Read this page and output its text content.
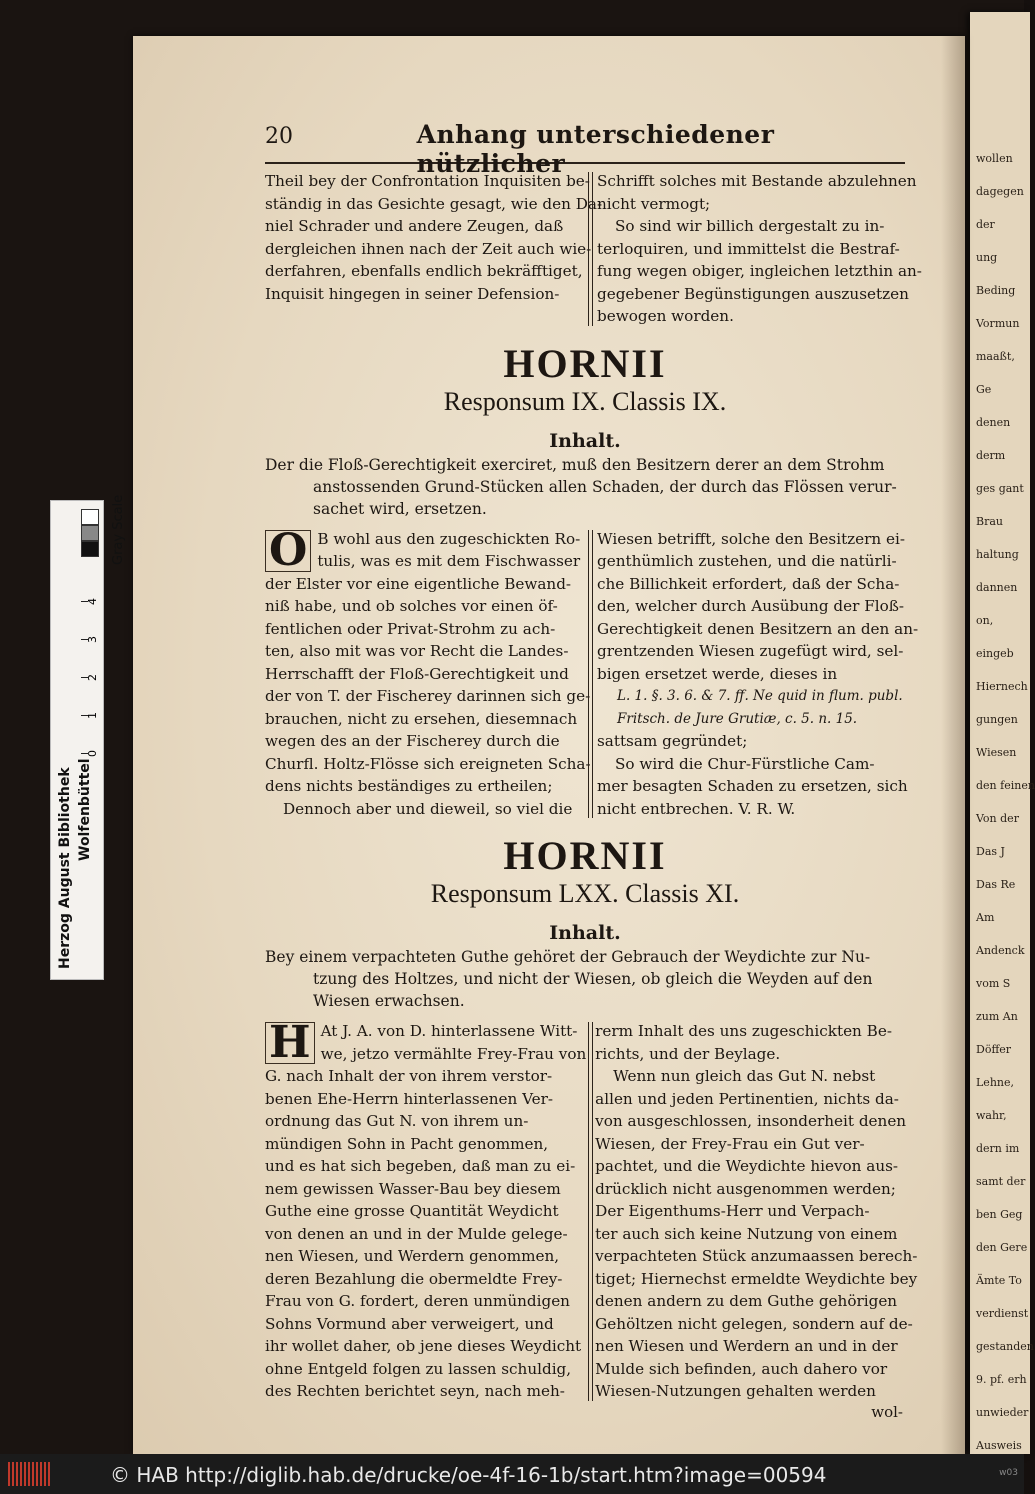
wollen
dagegen
der
ung
Beding
Vormun
maaßt,
Ge
denen
derm
ges gant
Brau
haltung
dannen
on,
eingeb
Hiernech
gungen
Wiesen
den feinen
Von der
Das J
Das Re
Am
Andenck
vom S
zum An
Döffer
Lehne,
wahr,
dern im
samt der
ben Geg
den Gere
Ämte To
verdienst
gestanden
9. pf. erh
unwieder
Ausweis
Gray Scale
0
1
2
3
4
Herzog August Bibliothek Wolfenbüttel
20	Anhang unterschiedener nützlicher
Theil bey der Confrontation Inquisiten be-
ständig in das Gesichte gesagt, wie den Da-
niel Schrader und andere Zeugen, daß
dergleichen ihnen nach der Zeit auch wie-
derfahren, ebenfalls endlich bekräfftiget,
Inquisit hingegen in seiner Defension-
Schrifft solches mit Bestande abzulehnen
nicht vermogt;
So sind wir billich dergestalt zu in-
terloquiren, und immittelst die Bestraf-
fung wegen obiger, ingleichen letzthin an-
gegebener Begünstigungen auszusetzen
bewogen worden.
HORNII
Responsum IX. Classis IX.
Inhalt.
Der die Floß-Gerechtigkeit exerciret, muß den Besitzern derer an dem Strohm
anstossenden Grund-Stücken allen Schaden, der durch das Flössen verur-
sachet wird, ersetzen.
O B wohl aus den zugeschickten Ro-
tulis, was es mit dem Fischwasser
der Elster vor eine eigentliche Bewand-
niß habe, und ob solches vor einen öf-
fentlichen oder Privat-Strohm zu ach-
ten, also mit was vor Recht die Landes-
Herrschafft der Floß-Gerechtigkeit und
der von T. der Fischerey darinnen sich ge-
brauchen, nicht zu ersehen, diesemnach
wegen des an der Fischerey durch die
Churfl. Holtz-Flösse sich ereigneten Scha-
dens nichts beständiges zu ertheilen;
Dennoch aber und dieweil, so viel die
Wiesen betrifft, solche den Besitzern ei-
genthümlich zustehen, und die natürli-
che Billichkeit erfordert, daß der Scha-
den, welcher durch Ausübung der Floß-
Gerechtigkeit denen Besitzern an den an-
grentzenden Wiesen zugefügt wird, sel-
bigen ersetzet werde, dieses in
L. 1. §. 3. 6. & 7. ff. Ne quid in flum. publ.
Fritsch. de Jure Grutiæ, c. 5. n. 15.
sattsam gegründet;
So wird die Chur-Fürstliche Cam-
mer besagten Schaden zu ersetzen, sich
nicht entbrechen. V. R. W.
HORNII
Responsum LXX. Classis XI.
Inhalt.
Bey einem verpachteten Guthe gehöret der Gebrauch der Weydichte zur Nu-
tzung des Holtzes, und nicht der Wiesen, ob gleich die Weyden auf den
Wiesen erwachsen.
H At J. A. von D. hinterlassene Witt-
we, jetzo vermählte Frey-Frau von
G. nach Inhalt der von ihrem verstor-
benen Ehe-Herrn hinterlassenen Ver-
ordnung das Gut N. von ihrem un-
mündigen Sohn in Pacht genommen,
und es hat sich begeben, daß man zu ei-
nem gewissen Wasser-Bau bey diesem
Guthe eine grosse Quantität Weydicht
von denen an und in der Mulde gelege-
nen Wiesen, und Werdern genommen,
deren Bezahlung die obermeldte Frey-
Frau von G. fordert, deren unmündigen
Sohns Vormund aber verweigert, und
ihr wollet daher, ob jene dieses Weydicht
ohne Entgeld folgen zu lassen schuldig,
des Rechten berichtet seyn, nach meh-
rerm Inhalt des uns zugeschickten Be-
richts, und der Beylage.
Wenn nun gleich das Gut N. nebst
allen und jeden Pertinentien, nichts da-
von ausgeschlossen, insonderheit denen
Wiesen, der Frey-Frau ein Gut ver-
pachtet, und die Weydichte hievon aus-
drücklich nicht ausgenommen werden;
Der Eigenthums-Herr und Verpach-
ter auch sich keine Nutzung von einem
verpachteten Stück anzumaassen berech-
tiget; Hiernechst ermeldte Weydichte bey
denen andern zu dem Guthe gehörigen
Gehöltzen nicht gelegen, sondern auf de-
nen Wiesen und Werdern an und in der
Mulde sich befinden, auch dahero vor
Wiesen-Nutzungen gehalten werden
wol-
© HAB http://diglib.hab.de/drucke/oe-4f-16-1b/start.htm?image=00594	w03
